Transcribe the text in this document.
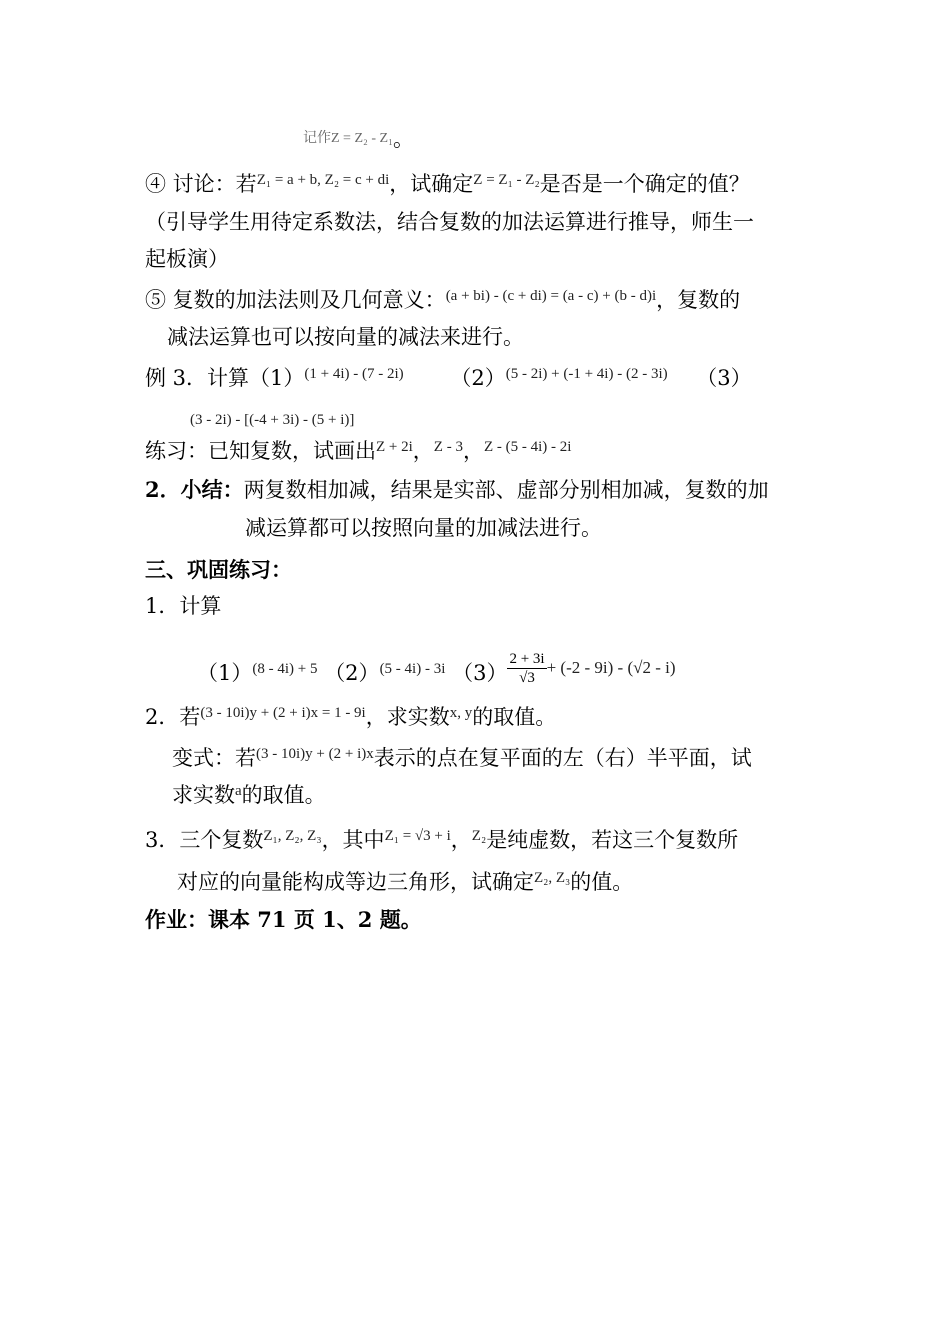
记作Z = Z₂ - Z₁。
④ 讨论：若$^{Z_1 = a + b, Z_2 = c + di}$，试确定$^{Z = Z_1 - Z_2}$是否是一个确定的值？
（引导学生用待定系数法，结合复数的加法运算进行推导，师生一
起板演）
⑤ 复数的加法法则及几何意义：$^{(a + bi) - (c + di) = (a - c) + (b - d)i}$，复数的
减法运算也可以按向量的减法来进行。
例 3．计算$(1)^{(1 + 4i) - (7 - 2i)}$ $(2)^{(5 - 2i) + (-1 + 4i) - (2 - 3i)}$ （3）
(3 - 2i) - [(-4 + 3i) - (5 + i)]
练习：已知复数，试画出$^{Z + 2i}$，$^{Z - 3}$，$^{Z - (5 - 4i) - 2i}$
2．小结：两复数相加减，结果是实部、虚部分别相加减，复数的加
减运算都可以按照向量的加减法进行。
三、巩固练习：
1．计算
$(1)^{(8 - 4i) + 5}$ $(2)^{(5 - 4i) - 3i}$ $(3) \frac{2 + 3i}{√3} ^{+ (-2 - 9i) - (√2 - i)}$
2．若$^{(3 - 10i)y + (2 + i)x = 1 - 9i}$，求实数$^{x, y}$的取值。
变式：若$^{(3 - 10i)y + (2 + i)x}$表示的点在复平面的左（右）半平面，试
求实数$^a$的取值。
3．三个复数$^{Z_1, Z_2, Z_3}$，其中$^{Z_1 = √3 + i}$，$^{Z_2}$是纯虚数，若这三个复数所
对应的向量能构成等边三角形，试确定$^{Z_2, Z_3}$的值。
作业：课本 71 页 1、2 题。
